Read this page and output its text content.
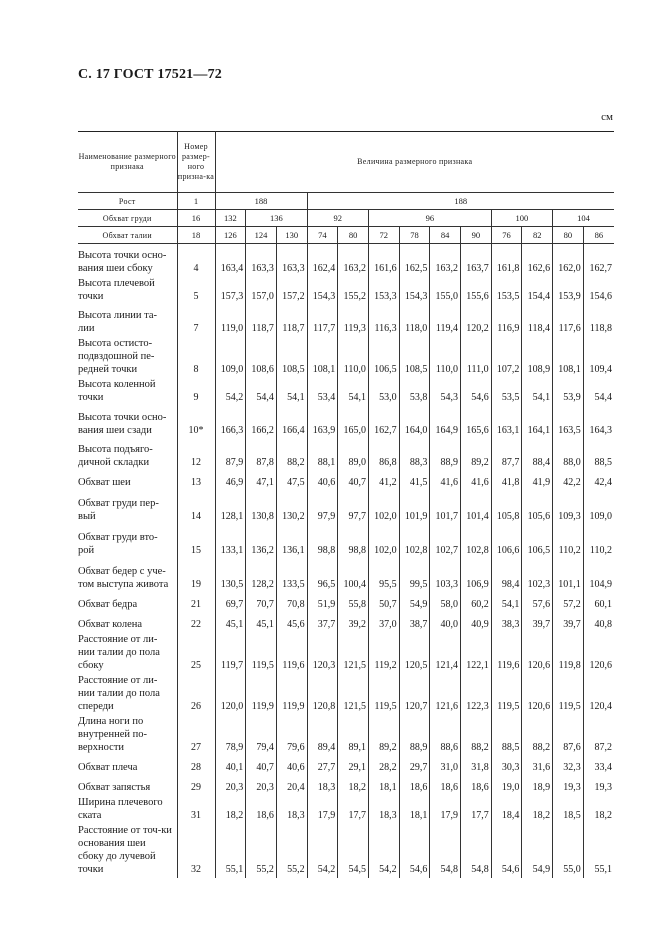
С. 17 ГОСТ 17521—72
см
Наименование размерного признака	Номер размер-ного призна-ка	Величина размерного признака												
Рост	1	188			188									
Обхват груди	16	132	136		92		96				100		104	
Обхват талии	18	126	124	130	74	80	72	78	84	90	76	82	80	86
Высота точки осно-вания шеи сбоку	4	163,4	163,3	163,3	162,4	163,2	161,6	162,5	163,2	163,7	161,8	162,6	162,0	162,7
Высота плечевой точки	5	157,3	157,0	157,2	154,3	155,2	153,3	154,3	155,0	155,6	153,5	154,4	153,9	154,6
Высота линии та-лии	7	119,0	118,7	118,7	117,7	119,3	116,3	118,0	119,4	120,2	116,9	118,4	117,6	118,8
Высота остисто-подвздошной пе-редней точки	8	109,0	108,6	108,5	108,1	110,0	106,5	108,5	110,0	111,0	107,2	108,9	108,1	109,4
Высота коленной точки	9	54,2	54,4	54,1	53,4	54,1	53,0	53,8	54,3	54,6	53,5	54,1	53,9	54,4
Высота точки осно-вания шеи сзади	10*	166,3	166,2	166,4	163,9	165,0	162,7	164,0	164,9	165,6	163,1	164,1	163,5	164,3
Высота подъяго-дичной складки	12	87,9	87,8	88,2	88,1	89,0	86,8	88,3	88,9	89,2	87,7	88,4	88,0	88,5
Обхват шеи	13	46,9	47,1	47,5	40,6	40,7	41,2	41,5	41,6	41,6	41,8	41,9	42,2	42,4
Обхват груди пер-вый	14	128,1	130,8	130,2	97,9	97,7	102,0	101,9	101,7	101,4	105,8	105,6	109,3	109,0
Обхват груди вто-рой	15	133,1	136,2	136,1	98,8	98,8	102,0	102,8	102,7	102,8	106,6	106,5	110,2	110,2
Обхват бедер с уче-том выступа живота	19	130,5	128,2	133,5	96,5	100,4	95,5	99,5	103,3	106,9	98,4	102,3	101,1	104,9
Обхват бедра	21	69,7	70,7	70,8	51,9	55,8	50,7	54,9	58,0	60,2	54,1	57,6	57,2	60,1
Обхват колена	22	45,1	45,1	45,6	37,7	39,2	37,0	38,7	40,0	40,9	38,3	39,7	39,7	40,8
Расстояние от ли-нии талии до пола сбоку	25	119,7	119,5	119,6	120,3	121,5	119,2	120,5	121,4	122,1	119,6	120,6	119,8	120,6
Расстояние от ли-нии талии до пола спереди	26	120,0	119,9	119,9	120,8	121,5	119,5	120,7	121,6	122,3	119,5	120,6	119,5	120,4
Длина ноги по внутренней по-верхности	27	78,9	79,4	79,6	89,4	89,1	89,2	88,9	88,6	88,2	88,5	88,2	87,6	87,2
Обхват плеча	28	40,1	40,7	40,6	27,7	29,1	28,2	29,7	31,0	31,8	30,3	31,6	32,3	33,4
Обхват запястья	29	20,3	20,3	20,4	18,3	18,2	18,1	18,6	18,6	18,6	19,0	18,9	19,3	19,3
Ширина плечевого ската	31	18,2	18,6	18,3	17,9	17,7	18,3	18,1	17,9	17,7	18,4	18,2	18,5	18,2
Расстояние от точ-ки основания шеи сбоку до лучевой точки	32	55,1	55,2	55,2	54,2	54,5	54,2	54,6	54,8	54,8	54,6	54,9	55,0	55,1
